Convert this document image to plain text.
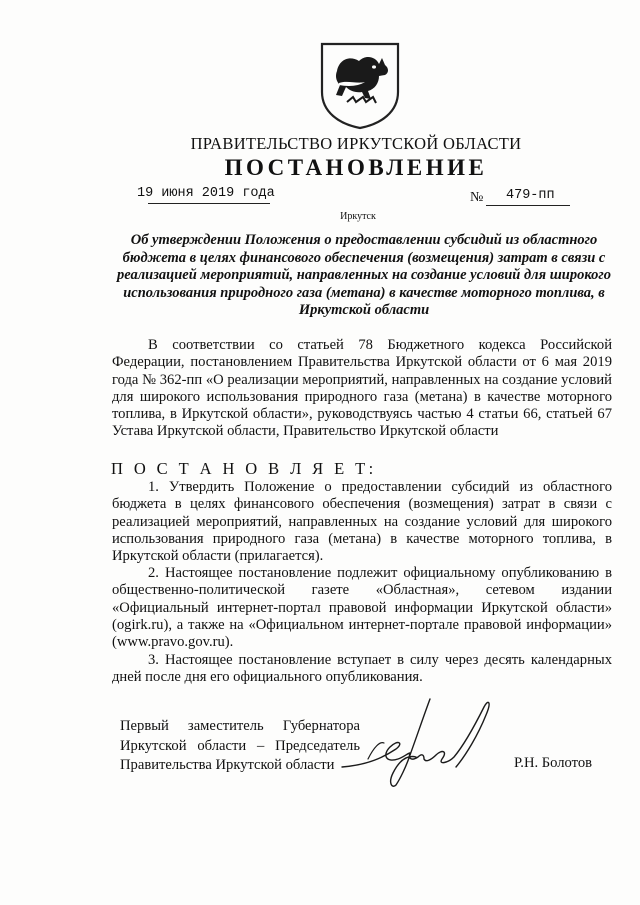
ПРАВИТЕЛЬСТВО ИРКУТСКОЙ ОБЛАСТИ
ПОСТАНОВЛЕНИЕ
19 июня 2019 года	№ 479-пп
Иркутск
Об утверждении Положения о предоставлении субсидий из областного бюджета в целях финансового обеспечения (возмещения) затрат в связи с реализацией мероприятий, направленных на создание условий для широкого использования природного газа (метана) в качестве моторного топлива, в Иркутской области
В соответствии со статьей 78 Бюджетного кодекса Российской Федерации, постановлением Правительства Иркутской области от 6 мая 2019 года № 362-пп «О реализации мероприятий, направленных на создание условий для широкого использования природного газа (метана) в качестве моторного топлива, в Иркутской области», руководствуясь частью 4 статьи 66, статьей 67 Устава Иркутской области, Правительство Иркутской области
П О С Т А Н О В Л Я Е Т:
1. Утвердить Положение о предоставлении субсидий из областного бюджета в целях финансового обеспечения (возмещения) затрат в связи с реализацией мероприятий, направленных на создание условий для широкого использования природного газа (метана) в качестве моторного топлива, в Иркутской области (прилагается).
2. Настоящее постановление подлежит официальному опубликованию в общественно-политической газете «Областная», сетевом издании «Официальный интернет-портал правовой информации Иркутской области» (ogirk.ru), а также на «Официальном интернет-портале правовой информации» (www.pravo.gov.ru).
3. Настоящее постановление вступает в силу через десять календарных дней после дня его официального опубликования.
Первый заместитель Губернатора
Иркутской области – Председатель
Правительства Иркутской области	Р.Н. Болотов
